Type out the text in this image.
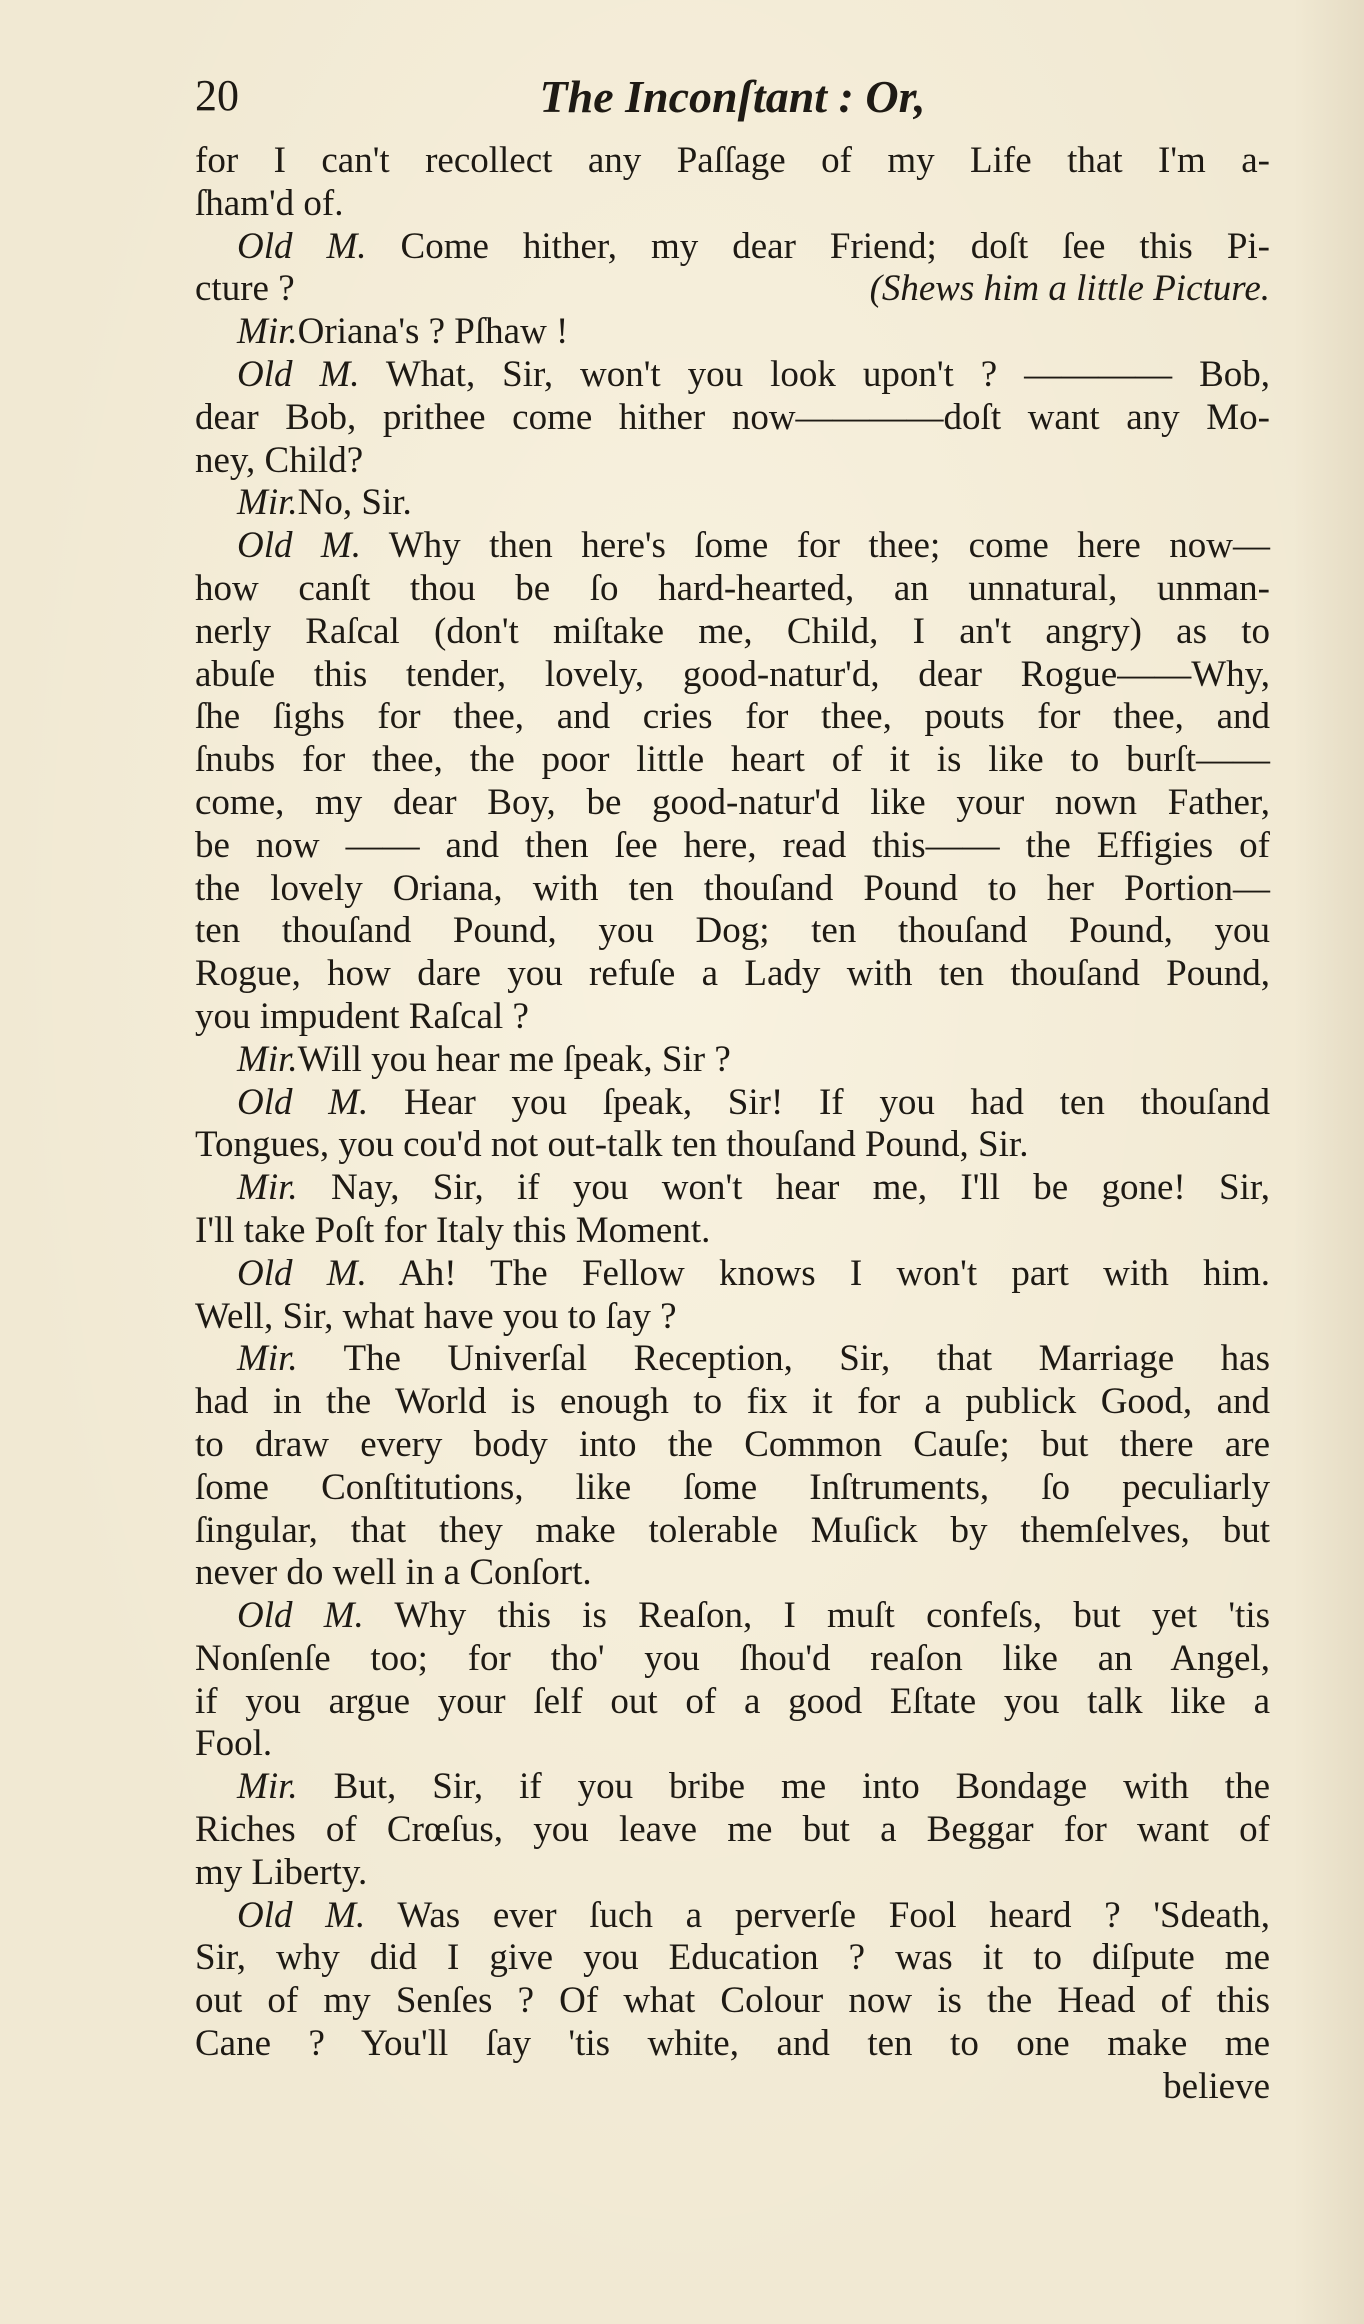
20	The Inconſtant : Or,
for I can't recollect any Paſſage of my Life that I'm a-
ſham'd of.
Old M. Come hither, my dear Friend; doſt ſee this Pi-
cture ?	(Shews him a little Picture.
Mir. Oriana's ? Pſhaw !
Old M. What, Sir, won't you look upon't ? ———— Bob,
dear Bob, prithee come hither now————doſt want any Mo-
ney, Child?
Mir. No, Sir.
Old M. Why then here's ſome for thee; come here now—
how canſt thou be ſo hard-hearted, an unnatural, unman-
nerly Raſcal (don't miſtake me, Child, I an't angry) as to
abuſe this tender, lovely, good-natur'd, dear Rogue——Why,
ſhe ſighs for thee, and cries for thee, pouts for thee, and
ſnubs for thee, the poor little heart of it is like to burſt——
come, my dear Boy, be good-natur'd like your nown Father,
be now —— and then ſee here, read this—— the Effigies of
the lovely Oriana, with ten thouſand Pound to her Portion—
ten thouſand Pound, you Dog; ten thouſand Pound, you
Rogue, how dare you refuſe a Lady with ten thouſand Pound,
you impudent Raſcal ?
Mir. Will you hear me ſpeak, Sir ?
Old M. Hear you ſpeak, Sir! If you had ten thouſand
Tongues, you cou'd not out-talk ten thouſand Pound, Sir.
Mir. Nay, Sir, if you won't hear me, I'll be gone! Sir,
I'll take Poſt for Italy this Moment.
Old M. Ah! The Fellow knows I won't part with him.
Well, Sir, what have you to ſay ?
Mir. The Univerſal Reception, Sir, that Marriage has
had in the World is enough to fix it for a publick Good, and
to draw every body into the Common Cauſe; but there are
ſome Conſtitutions, like ſome Inſtruments, ſo peculiarly
ſingular, that they make tolerable Muſick by themſelves, but
never do well in a Conſort.
Old M. Why this is Reaſon, I muſt confeſs, but yet 'tis
Nonſenſe too; for tho' you ſhou'd reaſon like an Angel,
if you argue your ſelf out of a good Eſtate you talk like a
Fool.
Mir. But, Sir, if you bribe me into Bondage with the
Riches of Crœſus, you leave me but a Beggar for want of
my Liberty.
Old M. Was ever ſuch a perverſe Fool heard ? 'Sdeath,
Sir, why did I give you Education ? was it to diſpute me
out of my Senſes ? Of what Colour now is the Head of this
Cane ? You'll ſay 'tis white, and ten to one make me
believe
